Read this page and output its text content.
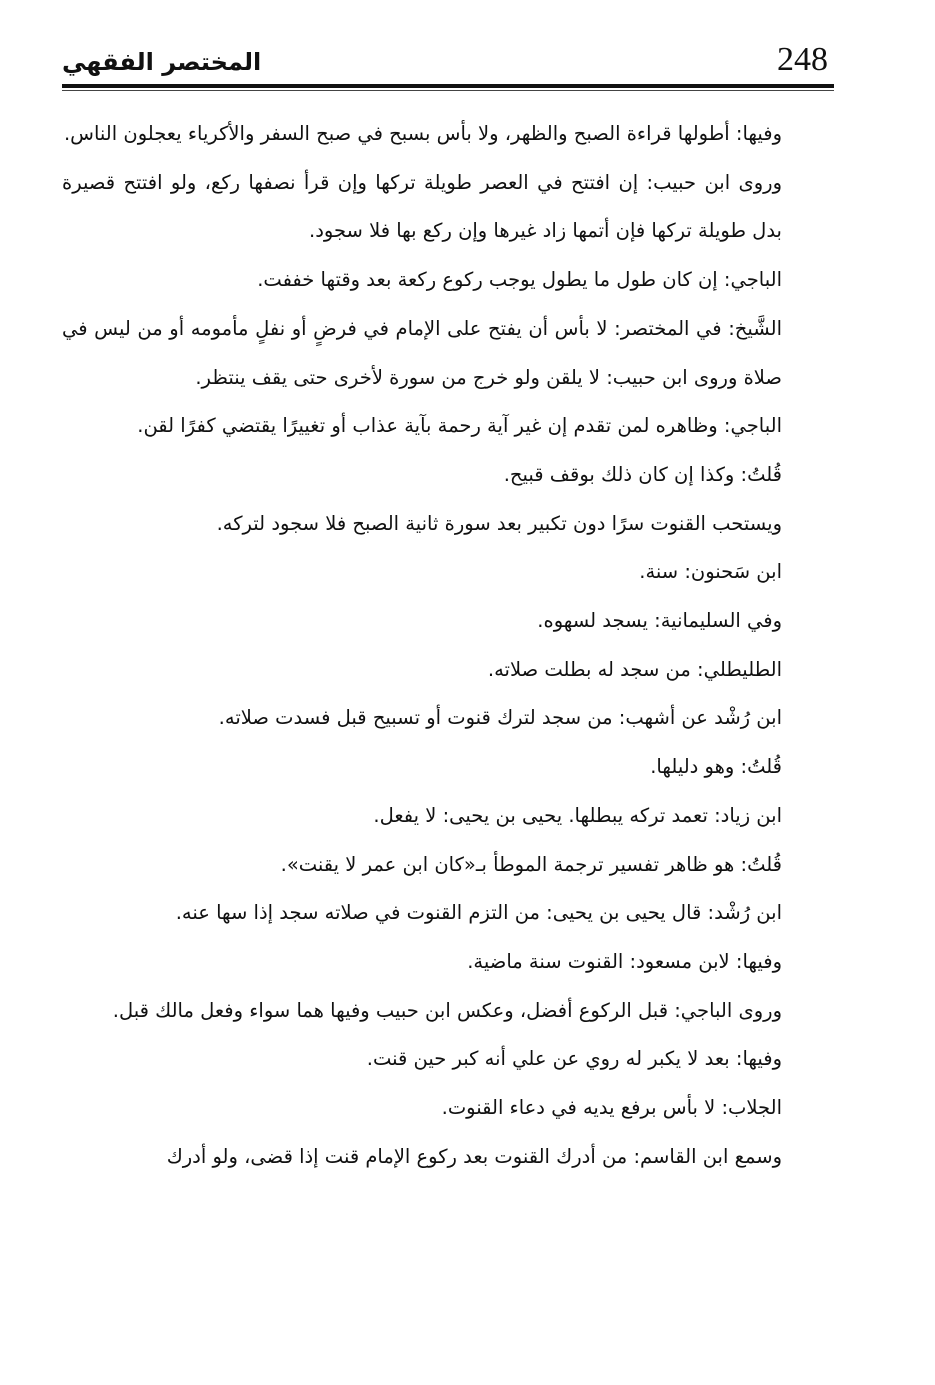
248
المختصر الفقهي

وفيها: أطولها قراءة الصبح والظهر، ولا بأس بسبح في صبح السفر والأكرياء يعجلون الناس.

وروى ابن حبيب: إن افتتح في العصر طويلة تركها وإن قرأ نصفها ركع، ولو افتتح قصيرة بدل طويلة تركها فإن أتمها زاد غيرها وإن ركع بها فلا سجود.

الباجي: إن كان طول ما يطول يوجب ركوع ركعة بعد وقتها خففت.

الشَّيخ: في المختصر: لا بأس أن يفتح على الإمام في فرضٍ أو نفلٍ مأمومه أو من ليس في صلاة وروى ابن حبيب: لا يلقن ولو خرج من سورة لأخرى حتى يقف ينتظر.

الباجي: وظاهره لمن تقدم إن غير آية رحمة بآية عذاب أو تغييرًا يقتضي كفرًا لقن.

قُلتُ: وكذا إن كان ذلك بوقف قبيح.

ويستحب القنوت سرًا دون تكبير بعد سورة ثانية الصبح فلا سجود لتركه.

ابن سَحنون: سنة.

وفي السليمانية: يسجد لسهوه.

الطليطلي: من سجد له بطلت صلاته.

ابن رُشْد عن أشهب: من سجد لترك قنوت أو تسبيح قبل فسدت صلاته.

قُلتُ: وهو دليلها.

ابن زياد: تعمد تركه يبطلها. يحيى بن يحيى: لا يفعل.

قُلتُ: هو ظاهر تفسير ترجمة الموطأ بـ«كان ابن عمر لا يقنت».

ابن رُشْد: قال يحيى بن يحيى: من التزم القنوت في صلاته سجد إذا سها عنه.

وفيها: لابن مسعود: القنوت سنة ماضية.

وروى الباجي: قبل الركوع أفضل، وعكس ابن حبيب وفيها هما سواء وفعل مالك قبل.

وفيها: بعد لا يكبر له روي عن علي أنه كبر حين قنت.

الجلاب: لا بأس برفع يديه في دعاء القنوت.

وسمع ابن القاسم: من أدرك القنوت بعد ركوع الإمام قنت إذا قضى، ولو أدرك
